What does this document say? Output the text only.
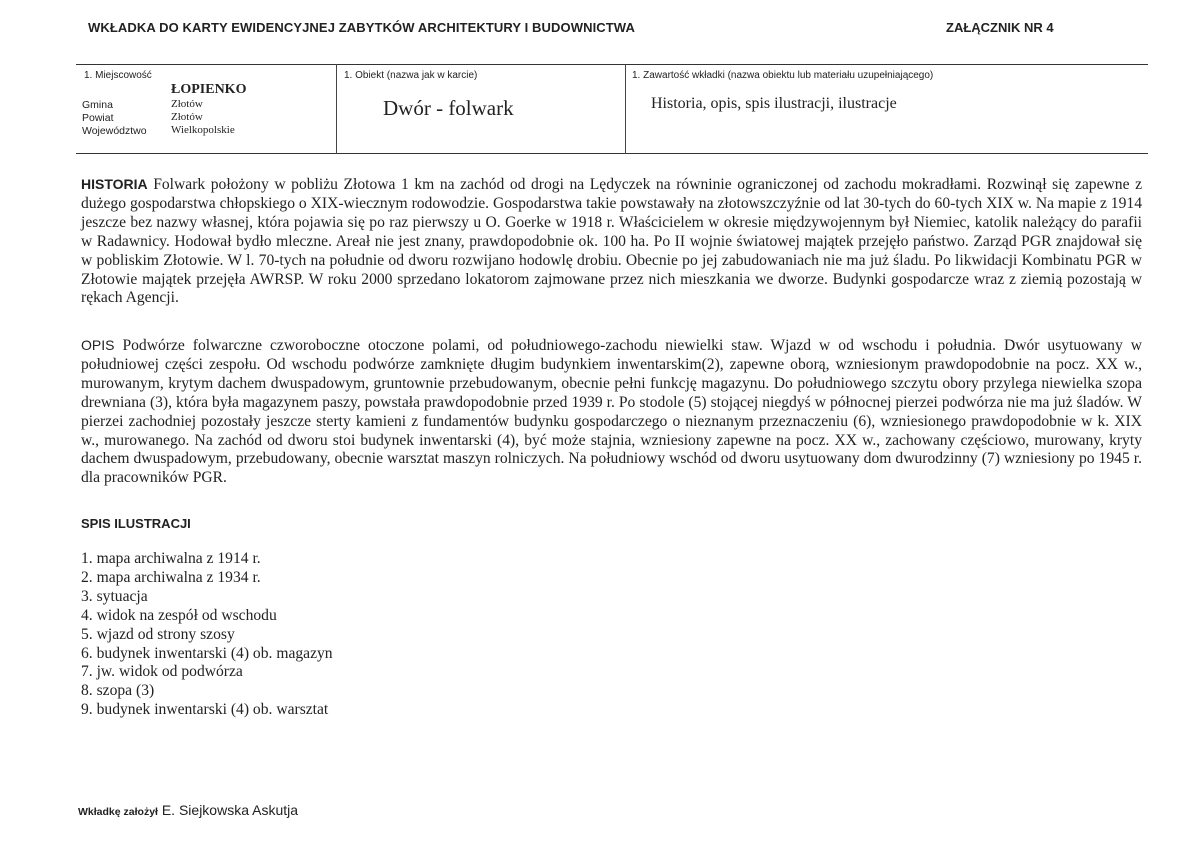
WKŁADKA DO KARTY EWIDENCYJNEJ ZABYTKÓW ARCHITEKTURY I BUDOWNICTWA	ZAŁĄCZNIK NR 4
1. Miejscowość
ŁOPIENKO
Gmina	Złotów
Powiat	Złotów
Województwo Wielkopolskie
1. Obiekt (nazwa jak w karcie)
Dwór - folwark
1. Zawartość wkładki (nazwa obiektu lub materiału uzupełniającego)
Historia, opis, spis ilustracji, ilustracje
HISTORIA Folwark położony w pobliżu Złotowa 1 km na zachód od drogi na Lędyczek na równinie ograniczonej od zachodu mokradłami. Rozwinął się zapewne z dużego gospodarstwa chłopskiego o XIX-wiecznym rodowodzie. Gospodarstwa takie powstawały na złotowszczyźnie od lat 30-tych do 60-tych XIX w. Na mapie z 1914 jeszcze bez nazwy własnej, która pojawia się po raz pierwszy u O. Goerke w 1918 r. Właścicielem w okresie międzywojennym był Niemiec, katolik należący do parafii w Radawnicy. Hodował bydło mleczne. Areał nie jest znany, prawdopodobnie ok. 100 ha. Po II wojnie światowej majątek przejęło państwo. Zarząd PGR znajdował się w pobliskim Złotowie. W l. 70-tych na południe od dworu rozwijano hodowlę drobiu. Obecnie po jej zabudowaniach nie ma już śladu. Po likwidacji Kombinatu PGR w Złotowie majątek przejęła AWRSP. W roku 2000 sprzedano lokatorom zajmowane przez nich mieszkania we dworze. Budynki gospodarcze wraz z ziemią pozostają w rękach Agencji.
OPIS Podwórze folwarczne czworoboczne otoczone polami, od południowego-zachodu niewielki staw. Wjazd w od wschodu i południa. Dwór usytuowany w południowej części zespołu. Od wschodu podwórze zamknięte długim budynkiem inwentarskim(2), zapewne oborą, wzniesionym prawdopodobnie na pocz. XX w., murowanym, krytym dachem dwuspadowym, gruntownie przebudowanym, obecnie pełni funkcję magazynu. Do południowego szczytu obory przylega niewielka szopa drewniana (3), która była magazynem paszy, powstała prawdopodobnie przed 1939 r. Po stodole (5) stojącej niegdyś w północnej pierzei podwórza nie ma już śladów. W pierzei zachodniej pozostały jeszcze sterty kamieni z fundamentów budynku gospodarczego o nieznanym przeznaczeniu (6), wzniesionego prawdopodobnie w k. XIX w., murowanego. Na zachód od dworu stoi budynek inwentarski (4), być może stajnia, wzniesiony zapewne na pocz. XX w., zachowany częściowo, murowany, kryty dachem dwuspadowym, przebudowany, obecnie warsztat maszyn rolniczych. Na południowy wschód od dworu usytuowany dom dwurodzinny (7) wzniesiony po 1945 r. dla pracowników PGR.
SPIS ILUSTRACJI
1. mapa archiwalna z 1914 r.
2. mapa archiwalna z 1934 r.
3. sytuacja
4. widok na zespół od wschodu
5. wjazd od strony szosy
6. budynek inwentarski (4) ob. magazyn
7. jw. widok od podwórza
8. szopa (3)
9. budynek inwentarski (4) ob. warsztat
Wkładkę założył E. Siejkowska Askutja
